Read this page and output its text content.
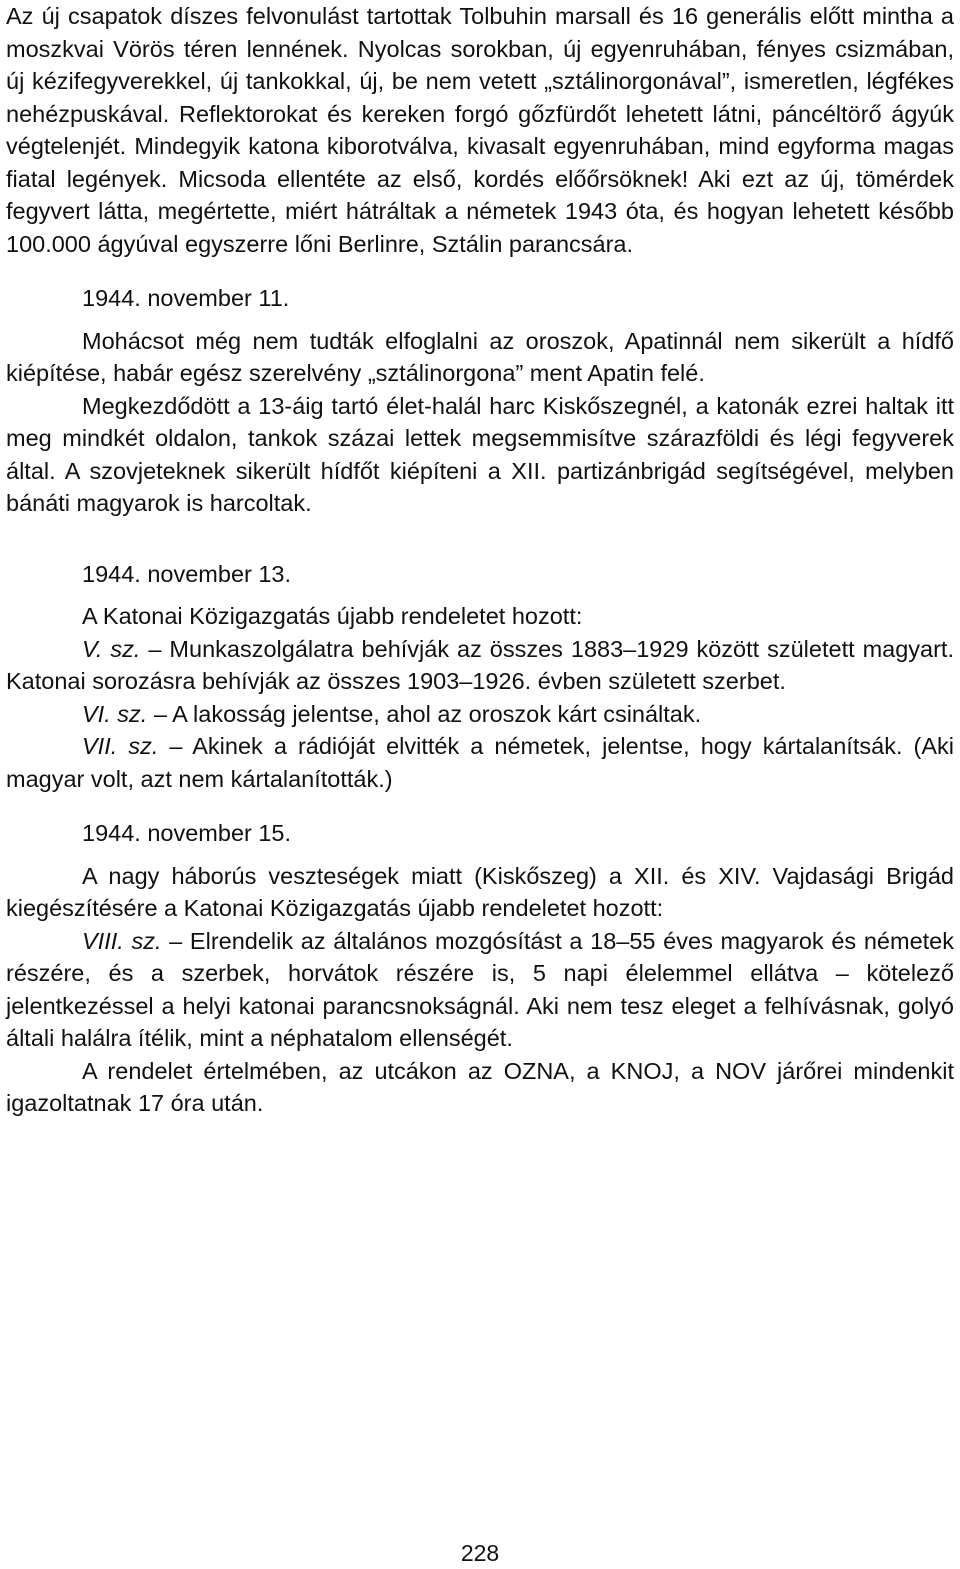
Az új csapatok díszes felvonulást tartottak Tolbuhin marsall és 16 generális előtt mintha a moszkvai Vörös téren lennének. Nyolcas sorokban, új egyenruhában, fényes csizmában, új kézifegyverekkel, új tankokkal, új, be nem vetett „sztálinorgonával”, ismeretlen, légfékes nehézpuskával. Reflektorokat és kereken forgó gőzfürdőt lehetett látni, páncéltörő ágyúk végtelenjét. Mindegyik katona kiborotválva, kivasalt egyenruhában, mind egyforma magas fiatal legények. Micsoda ellentéte az első, kordés előőrsöknek! Aki ezt az új, tömérdek fegyvert látta, megértette, miért hátráltak a németek 1943 óta, és hogyan lehetett később 100.000 ágyúval egyszerre lőni Berlinre, Sztálin parancsára.

1944. november 11.

Mohácsot még nem tudták elfoglalni az oroszok, Apatinnál nem sikerült a hídfő kiépítése, habár egész szerelvény „sztálinorgona” ment Apatin felé.

Megkezdődött a 13-áig tartó élet-halál harc Kiskőszegnél, a katonák ezrei haltak itt meg mindkét oldalon, tankok százai lettek megsemmisítve szárazföldi és légi fegyverek által. A szovjeteknek sikerült hídfőt kiépíteni a XII. partizánbrigád segítségével, melyben bánáti magyarok is harcoltak.

1944. november 13.

A Katonai Közigazgatás újabb rendeletet hozott:

V. sz. – Munkaszolgálatra behívják az összes 1883–1929 között született magyart. Katonai sorozásra behívják az összes 1903–1926. évben született szerbet.

VI. sz. – A lakosság jelentse, ahol az oroszok kárt csináltak.

VII. sz. – Akinek a rádióját elvitték a németek, jelentse, hogy kártalanítsák. (Aki magyar volt, azt nem kártalanították.)

1944. november 15.

A nagy háborús veszteségek miatt (Kiskőszeg) a XII. és XIV. Vajdasági Brigád kiegészítésére a Katonai Közigazgatás újabb rendeletet hozott:

VIII. sz. – Elrendelik az általános mozgósítást a 18–55 éves magyarok és németek részére, és a szerbek, horvátok részére is, 5 napi élelemmel ellátva – kötelező jelentkezéssel a helyi katonai parancsnokságnál. Aki nem tesz eleget a felhívásnak, golyó általi halálra ítélik, mint a néphatalom ellenségét.

A rendelet értelmében, az utcákon az OZNA, a KNOJ, a NOV járőrei mindenkit igazoltatnak 17 óra után.

228
